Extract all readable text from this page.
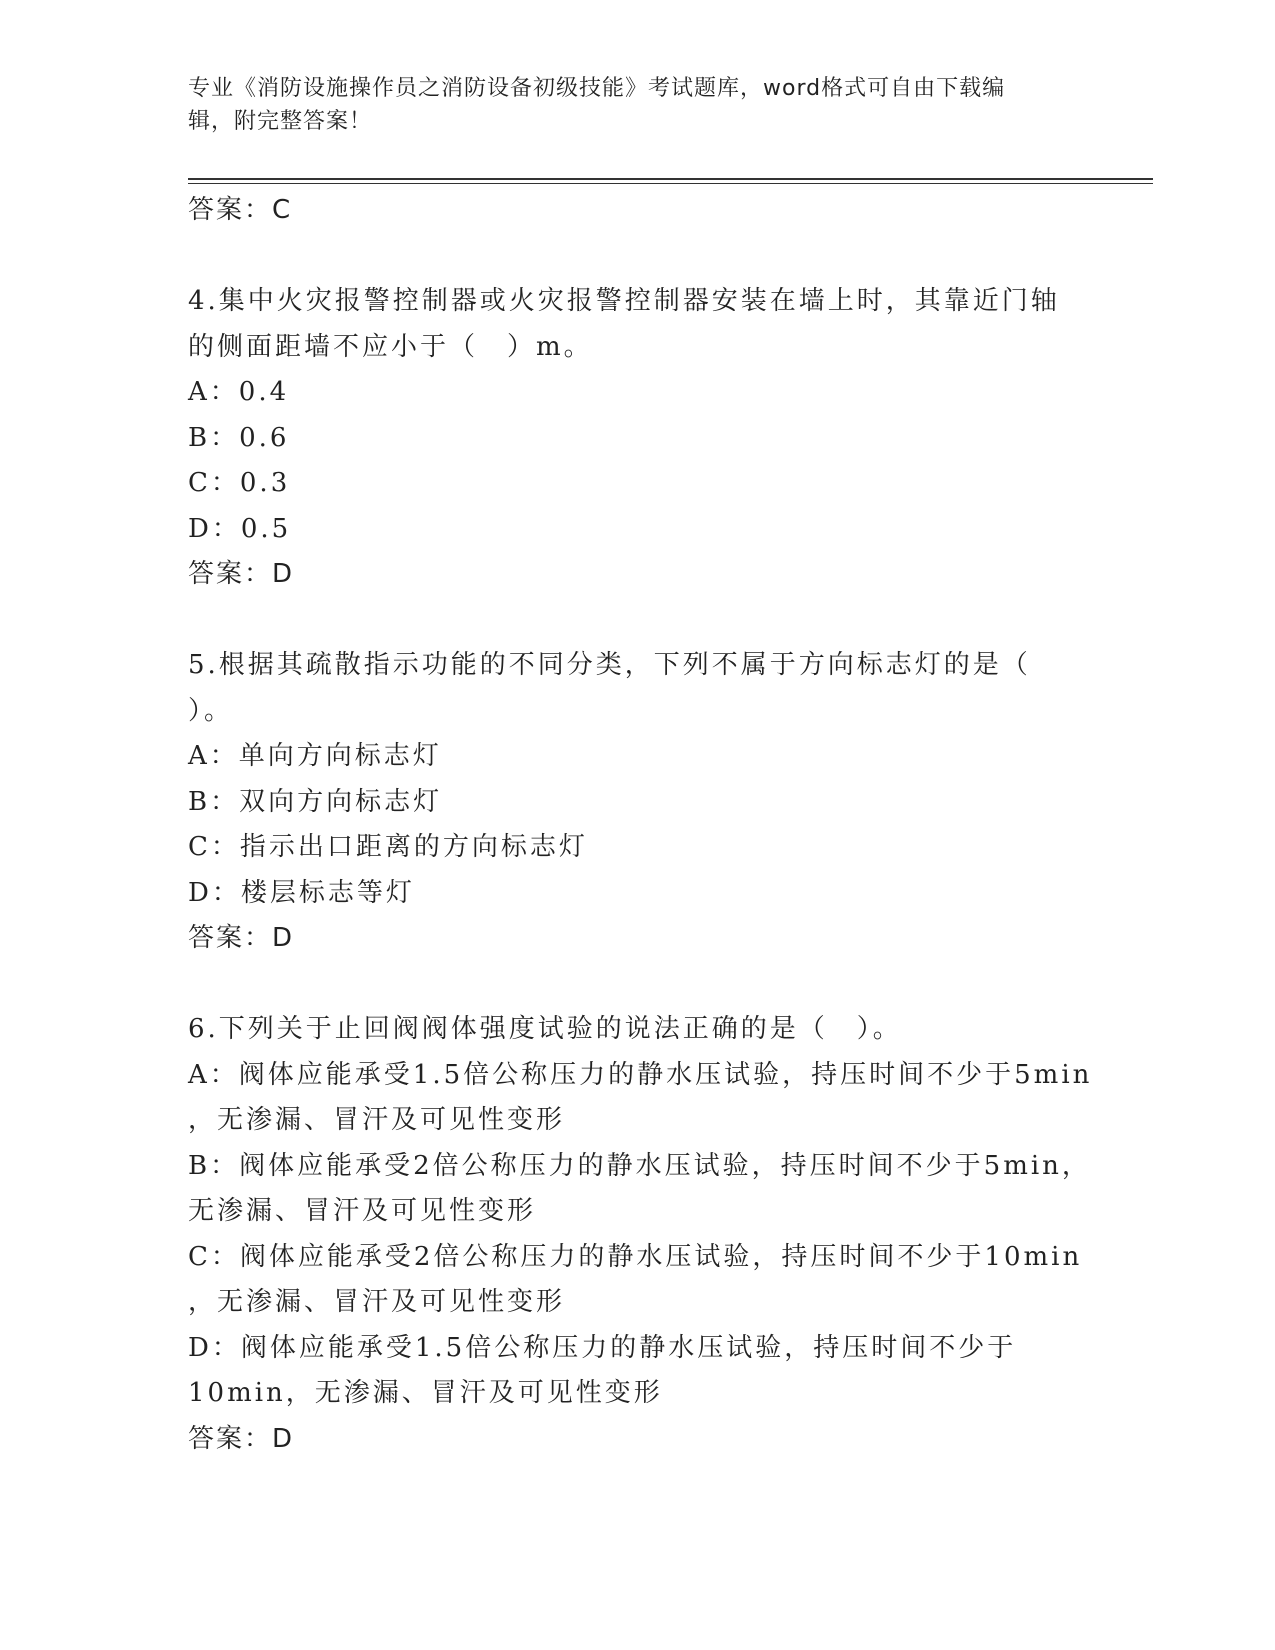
专业《消防设施操作员之消防设备初级技能》考试题库，word格式可自由下载编
辑，附完整答案！
答案：C
4.集中火灾报警控制器或火灾报警控制器安装在墙上时，其靠近门轴
的侧面距墙不应小于（　）m。
A：0.4
B：0.6
C：0.3
D：0.5
答案：D
5.根据其疏散指示功能的不同分类，下列不属于方向标志灯的是（
）。
A：单向方向标志灯
B：双向方向标志灯
C：指示出口距离的方向标志灯
D：楼层标志等灯
答案：D
6.下列关于止回阀阀体强度试验的说法正确的是（　）。
A：阀体应能承受1.5倍公称压力的静水压试验，持压时间不少于5min
，无渗漏、冒汗及可见性变形
B：阀体应能承受2倍公称压力的静水压试验，持压时间不少于5min，
无渗漏、冒汗及可见性变形
C：阀体应能承受2倍公称压力的静水压试验，持压时间不少于10min
，无渗漏、冒汗及可见性变形
D：阀体应能承受1.5倍公称压力的静水压试验，持压时间不少于
10min，无渗漏、冒汗及可见性变形
答案：D
